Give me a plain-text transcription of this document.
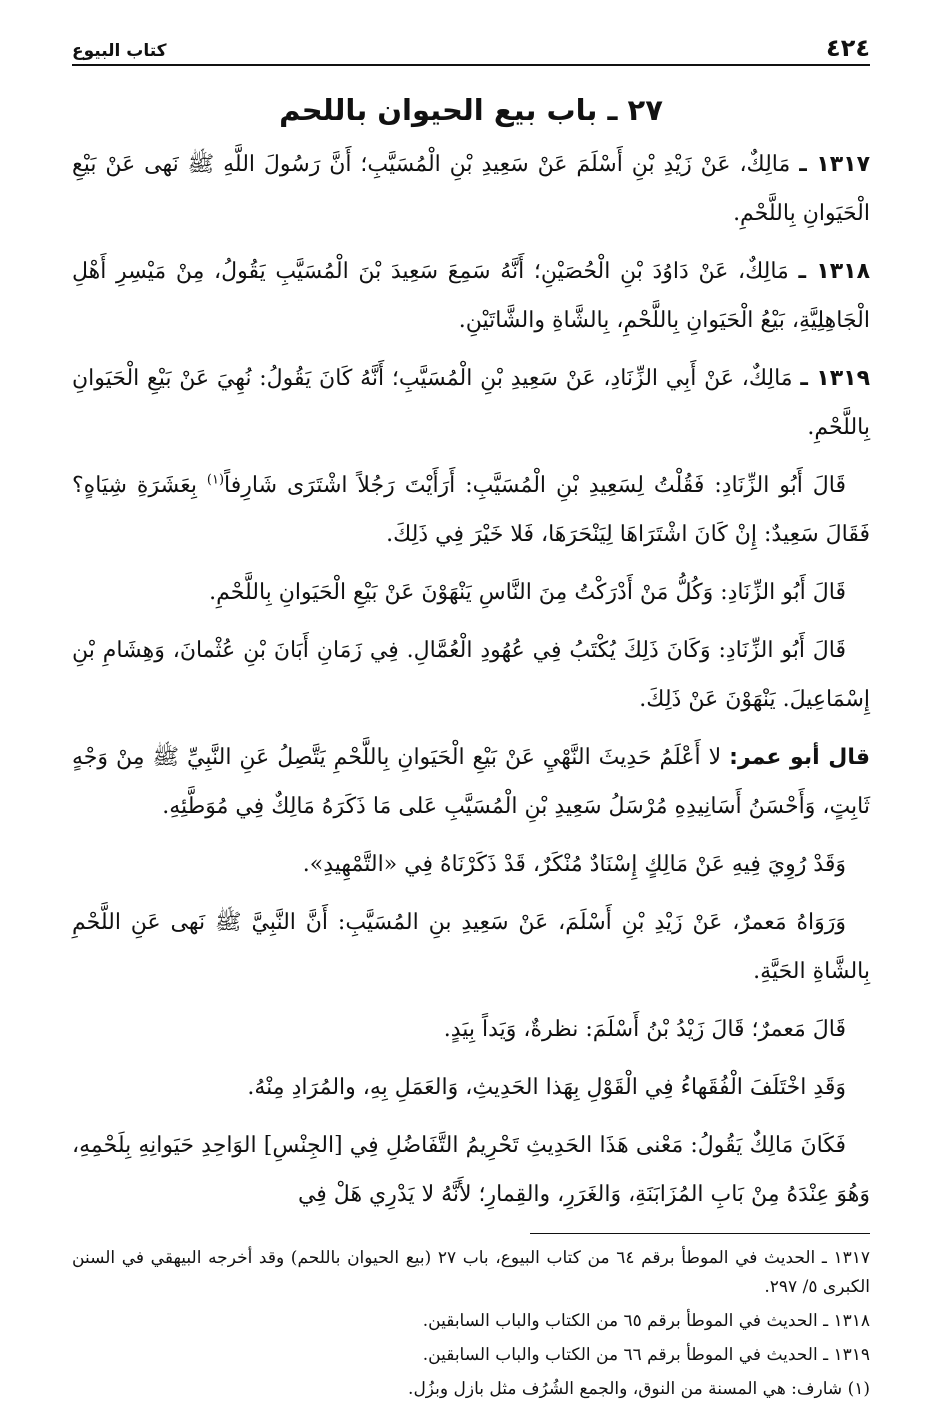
٤٢٤
كتاب البيوع
٢٧ ـ باب بيع الحيوان باللحم

١٣١٧ ـ مَالِكٌ، عَنْ زَيْدِ بْنِ أَسْلَمَ عَنْ سَعِيدِ بْنِ الْمُسَيَّبِ؛ أَنَّ رَسُولَ اللَّهِ ﷺ نَهى عَنْ بَيْعِ الْحَيَوانِ بِاللَّحْمِ.

١٣١٨ ـ مَالِكٌ، عَنْ دَاوُدَ بْنِ الْحُصَيْنِ؛ أَنَّهُ سَمِعَ سَعِيدَ بْنَ الْمُسَيَّبِ يَقُولُ، مِنْ مَيْسِرِ أَهْلِ الْجَاهِلِيَّةِ، بَيْعُ الْحَيَوانِ بِاللَّحْمِ، بِالشَّاةِ والشَّاتَيْنِ.

١٣١٩ ـ مَالِكٌ، عَنْ أَبِي الزِّنَادِ، عَنْ سَعِيدِ بْنِ الْمُسَيَّبِ؛ أَنَّهُ كَانَ يَقُولُ: نُهِيَ عَنْ بَيْعِ الْحَيَوانِ بِاللَّحْمِ.

قَالَ أَبُو الزِّنَادِ: فَقُلْتُ لِسَعِيدِ بْنِ الْمُسَيَّبِ: أَرَأَيْتَ رَجُلاً اشْتَرَى شَارِفاً$^{(١)}$ بِعَشَرَةِ شِيَاهٍ؟ فَقَالَ سَعِيدٌ: إِنْ كَانَ اشْتَرَاهَا لِيَنْحَرَهَا، فَلا خَيْرَ فِي ذَلِكَ.

قَالَ أَبُو الزِّنَادِ: وَكُلُّ مَنْ أَدْرَكْتُ مِنَ النَّاسِ يَنْهَوْنَ عَنْ بَيْعِ الْحَيَوانِ بِاللَّحْمِ.

قَالَ أَبُو الزِّنَادِ: وَكَانَ ذَلِكَ يُكْتَبُ فِي عُهُودِ الْعُمَّالِ. فِي زَمَانِ أَبَانَ بْنِ عُثْمانَ، وَهِشَامِ بْنِ إِسْمَاعِيلَ. يَنْهَوْنَ عَنْ ذَلِكَ.

قال أبو عمر: لا أَعْلَمُ حَدِيثَ النَّهْيِ عَنْ بَيْعِ الْحَيَوانِ بِاللَّحْمِ يَتَّصِلُ عَنِ النَّبِيِّ ﷺ مِنْ وَجْهٍ ثَابِتٍ، وَأَحْسَنُ أَسَانِيدِهِ مُرْسَلُ سَعِيدِ بْنِ الْمُسَيَّبِ عَلى مَا ذَكَرَهُ مَالِكٌ فِي مُوَطَّئِهِ.

وَقَدْ رُوِيَ فِيهِ عَنْ مَالِكٍ إِسْنَادٌ مُنْكَرٌ، قَدْ ذَكَرْنَاهُ فِي «التَّمْهِيدِ».

وَرَوَاهُ مَعمرٌ، عَنْ زَيْدِ بْنِ أَسْلَمَ، عَنْ سَعِيدِ بنِ المُسَيَّبِ: أَنَّ النَّبِيَّ ﷺ نَهى عَنِ اللَّحْمِ بِالشَّاةِ الحَيَّةِ.

قَالَ مَعمرٌ؛ قَالَ زَيْدُ بْنُ أَسْلَمَ: نظرةٌ، وَيَداً بِيَدٍ.

وَقَدِ اخْتَلَفَ الْفُقَهاءُ فِي الْقَوْلِ بِهَذا الحَدِيثِ، وَالعَمَلِ بِهِ، والمُرَادِ مِنْهُ.

فَكَانَ مَالِكٌ يَقُولُ: مَعْنى هَذَا الحَدِيثِ تَحْرِيمُ التَّفَاضُلِ فِي [الجِنْسِ] الوَاحِدِ حَيَوانِهِ بِلَحْمِهِ، وَهُوَ عِنْدَهُ مِنْ بَابِ المُزَابَنَةِ، وَالغَرَرِ، والقِمارِ؛ لأَنَّهُ لا يَدْرِي هَلْ فِي

١٣١٧ ـ الحديث في الموطأ برقم ٦٤ من كتاب البيوع، باب ٢٧ (بيع الحيوان باللحم) وقد أخرجه البيهقي في السنن الكبرى ٥/ ٢٩٧.

١٣١٨ ـ الحديث في الموطأ برقم ٦٥ من الكتاب والباب السابقين.

١٣١٩ ـ الحديث في الموطأ برقم ٦٦ من الكتاب والباب السابقين.

(١) شارف: هي المسنة من النوق، والجمع الشُرُف مثل بازل وبزُل.
